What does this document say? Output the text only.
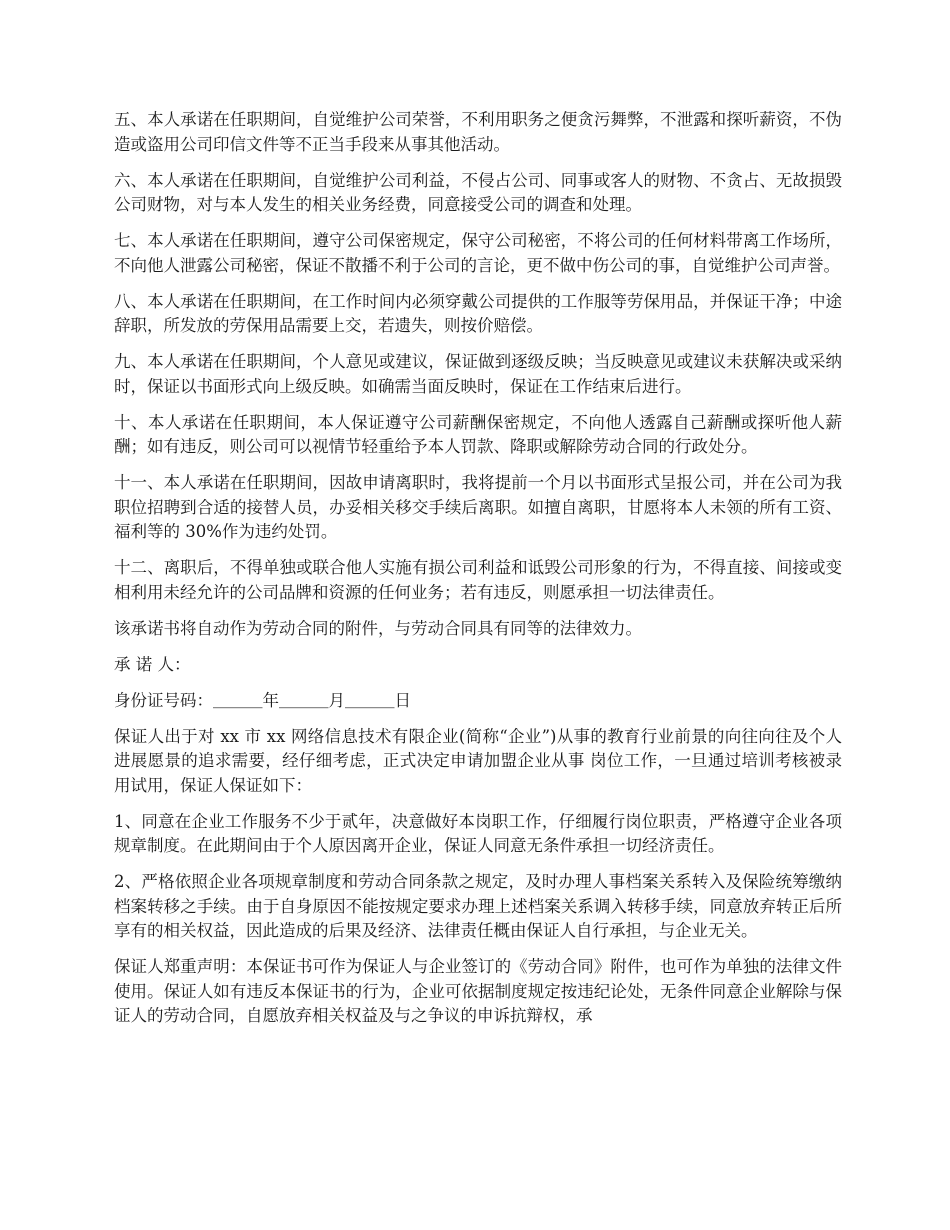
五、本人承诺在任职期间，自觉维护公司荣誉，不利用职务之便贪污舞弊，不泄露和探听薪资，不伪造或盗用公司印信文件等不正当手段来从事其他活动。

六、本人承诺在任职期间，自觉维护公司利益，不侵占公司、同事或客人的财物、不贪占、无故损毁公司财物，对与本人发生的相关业务经费，同意接受公司的调查和处理。

七、本人承诺在任职期间，遵守公司保密规定，保守公司秘密，不将公司的任何材料带离工作场所，不向他人泄露公司秘密，保证不散播不利于公司的言论，更不做中伤公司的事，自觉维护公司声誉。

八、本人承诺在任职期间，在工作时间内必须穿戴公司提供的工作服等劳保用品，并保证干净；中途辞职，所发放的劳保用品需要上交，若遗失，则按价赔偿。

九、本人承诺在任职期间，个人意见或建议，保证做到逐级反映；当反映意见或建议未获解决或采纳时，保证以书面形式向上级反映。如确需当面反映时，保证在工作结束后进行。

十、本人承诺在任职期间，本人保证遵守公司薪酬保密规定，不向他人透露自己薪酬或探听他人薪酬；如有违反，则公司可以视情节轻重给予本人罚款、降职或解除劳动合同的行政处分。

十一、本人承诺在任职期间，因故申请离职时，我将提前一个月以书面形式呈报公司，并在公司为我职位招聘到合适的接替人员，办妥相关移交手续后离职。如擅自离职，甘愿将本人未领的所有工资、福利等的 30%作为违约处罚。

十二、离职后，不得单独或联合他人实施有损公司利益和诋毁公司形象的行为，不得直接、间接或变相利用未经允许的公司品牌和资源的任何业务；若有违反，则愿承担一切法律责任。

该承诺书将自动作为劳动合同的附件，与劳动合同具有同等的法律效力。

承 诺 人：

身份证号码：＿＿＿年＿＿＿月＿＿＿日

保证人出于对 xx 市 xx 网络信息技术有限企业(简称“企业”)从事的教育行业前景的向往向往及个人进展愿景的追求需要，经仔细考虑，正式决定申请加盟企业从事 岗位工作，一旦通过培训考核被录用试用，保证人保证如下：

1、同意在企业工作服务不少于贰年，决意做好本岗职工作，仔细履行岗位职责，严格遵守企业各项规章制度。在此期间由于个人原因离开企业，保证人同意无条件承担一切经济责任。

2、严格依照企业各项规章制度和劳动合同条款之规定，及时办理人事档案关系转入及保险统筹缴纳档案转移之手续。由于自身原因不能按规定要求办理上述档案关系调入转移手续，同意放弃转正后所享有的相关权益，因此造成的后果及经济、法律责任概由保证人自行承担，与企业无关。

保证人郑重声明：本保证书可作为保证人与企业签订的《劳动合同》附件，也可作为单独的法律文件使用。保证人如有违反本保证书的行为，企业可依据制度规定按违纪论处，无条件同意企业解除与保证人的劳动合同，自愿放弃相关权益及与之争议的申诉抗辩权，承
